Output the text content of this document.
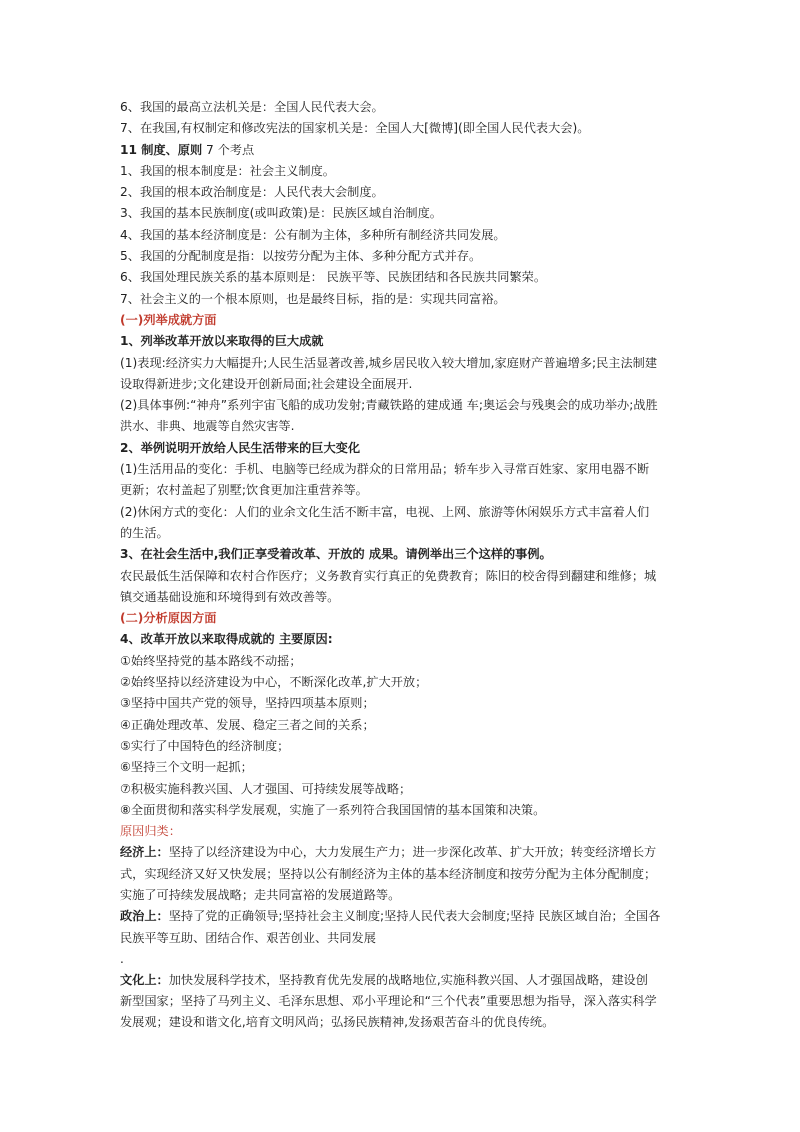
6、我国的最高立法机关是：全国人民代表大会。
7、在我国,有权制定和修改宪法的国家机关是：全国人大[微博](即全国人民代表大会)。
11 制度、原则 7 个考点
1、我国的根本制度是：社会主义制度。
2、我国的根本政治制度是：人民代表大会制度。
3、我国的基本民族制度(或叫政策)是：民族区域自治制度。
4、我国的基本经济制度是：公有制为主体，多种所有制经济共同发展。
5、我国的分配制度是指：以按劳分配为主体、多种分配方式并存。
6、我国处理民族关系的基本原则是： 民族平等、民族团结和各民族共同繁荣。
7、社会主义的一个根本原则，也是最终目标，指的是：实现共同富裕。
(一)列举成就方面
1、列举改革开放以来取得的巨大成就
(1)表现:经济实力大幅提升;人民生活显著改善,城乡居民收入较大增加,家庭财产普遍增多;民主法制建
设取得新进步;文化建设开创新局面;社会建设全面展开.
(2)具体事例:“神舟”系列宇宙飞船的成功发射;青藏铁路的建成通 车;奥运会与残奥会的成功举办;战胜
洪水、非典、地震等自然灾害等.
2、举例说明开放给人民生活带来的巨大变化
(1)生活用品的变化：手机、电脑等已经成为群众的日常用品；轿车步入寻常百姓家、家用电器不断
更新；农村盖起了别墅;饮食更加注重营养等。
(2)休闲方式的变化：人们的业余文化生活不断丰富，电视、上网、旅游等休闲娱乐方式丰富着人们
的生活。
3、在社会生活中,我们正享受着改革、开放的 成果。请例举出三个这样的事例。
农民最低生活保障和农村合作医疗；义务教育实行真正的免费教育；陈旧的校舍得到翻建和维修；城
镇交通基础设施和环境得到有效改善等。
(二)分析原因方面
4、改革开放以来取得成就的 主要原因:
①始终坚持党的基本路线不动摇；
②始终坚持以经济建设为中心，不断深化改革,扩大开放；
③坚持中国共产党的领导，坚持四项基本原则；
④正确处理改革、发展、稳定三者之间的关系；
⑤实行了中国特色的经济制度；
⑥坚持三个文明一起抓；
⑦积极实施科教兴国、人才强国、可持续发展等战略；
⑧全面贯彻和落实科学发展观，实施了一系列符合我国国情的基本国策和决策。
原因归类：
经济上：坚持了以经济建设为中心，大力发展生产力；进一步深化改革、扩大开放；转变经济增长方
式，实现经济又好又快发展；坚持以公有制经济为主体的基本经济制度和按劳分配为主体分配制度；
实施了可持续发展战略；走共同富裕的发展道路等。
政治上：坚持了党的正确领导;坚持社会主义制度;坚持人民代表大会制度;坚持 民族区域自治；全国各
民族平等互助、团结合作、艰苦创业、共同发展
.
文化上：加快发展科学技术，坚持教育优先发展的战略地位,实施科教兴国、人才强国战略，建设创
新型国家；坚持了马列主义、毛泽东思想、邓小平理论和“三个代表”重要思想为指导，深入落实科学
发展观；建设和谐文化,培育文明风尚；弘扬民族精神,发扬艰苦奋斗的优良传统。
